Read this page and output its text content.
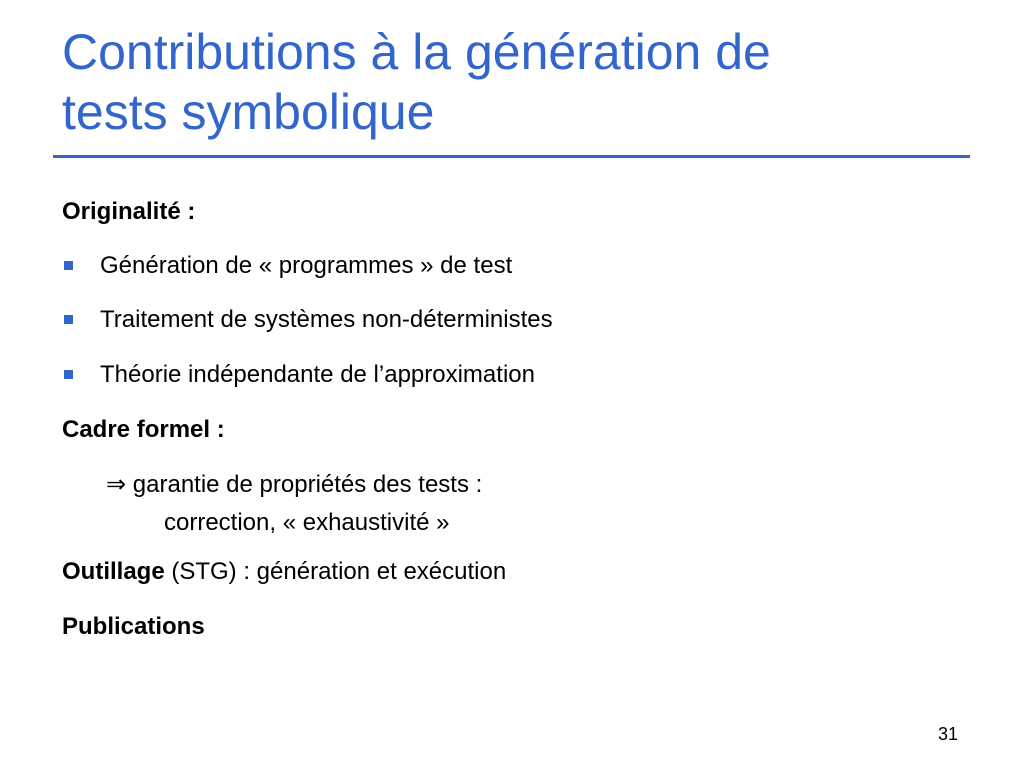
Contributions à la génération de
tests symbolique
Originalité :
Génération de « programmes » de test
Traitement de systèmes non-déterministes
Théorie indépendante de l’approximation
Cadre formel :
⇒ garantie de propriétés des tests :
correction, « exhaustivité »
Outillage (STG) : génération et exécution
Publications
31
